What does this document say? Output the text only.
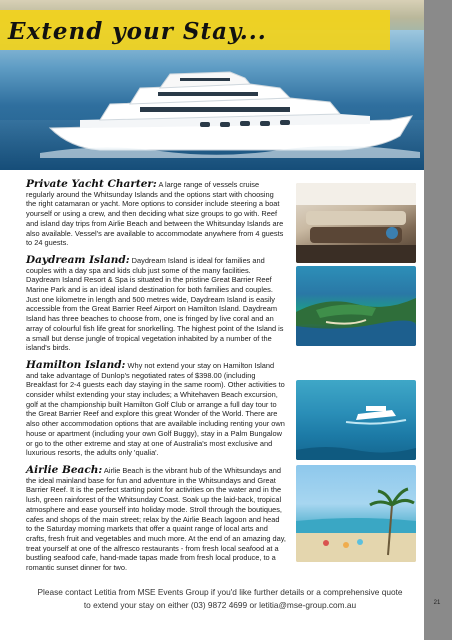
Extend your Stay...

Private Yacht Charter: A large range of vessels cruise regularly around the Whitsunday Islands and the options start with choosing the right catamaran or yacht. More options to consider include steering a boat yourself or using a crew, and then deciding what size groups to go with. Reef and island day trips from Airlie Beach and between the Whitsunday Islands are also available. Vessel's are available to accommodate anywhere from 4 guests to 24 guests.

Daydream Island: Daydream Island is ideal for families and couples with a day spa and kids club just some of the many facilities. Daydream Island Resort & Spa is situated in the pristine Great Barrier Reef Marine Park and is an ideal island destination for both families and couples. Just one kilometre in length and 500 metres wide, Daydream Island is easily accessible from the Great Barrier Reef Airport on Hamilton Island. Daydream Island has three beaches to choose from, one is fringed by live coral and an array of colourful fish life great for snorkelling. The highest point of the Island is a small but dense jungle of tropical vegetation inhabited by a number of the island's birds.

Hamilton Island: Why not extend your stay on Hamilton Island and take advantage of Dunlop's negotiated rates of $398.00 (including Breakfast for 2-4 guests each day staying in the same room). Other activities to consider whilst extending your stay includes; a Whitehaven Beach excursion, golf at the championship built Hamilton Golf Club or arrange a full day tour to the Great Barrier Reef and explore this great Wonder of the World. There are also other accommodation options that are available including renting your own house or apartment (including your own Golf Buggy), stay in a Palm Bungalow or go to the other extreme and stay at one of Australia's most exclusive and luxurious resorts, the adults only 'qualia'.

Airlie Beach: Airlie Beach is the vibrant hub of the Whitsundays and the ideal mainland base for fun and adventure in the Whitsundays and Great Barrier Reef. It is the perfect starting point for activities on the water and in the lush, green rainforest of the Whitsunday Coast. Soak up the laid-back, tropical atmosphere and ease yourself into holiday mode. Stroll through the boutiques, cafes and shops of the main street; relax by the Airlie Beach lagoon and head to the Saturday morning markets that offer a quaint range of local arts and crafts, fresh fruit and vegetables and much more. At the end of an amazing day, treat yourself at one of the alfresco restaurants - from fresh local seafood at a bustling seafood cafe, hand-made tapas made from fresh local produce, to a romantic sunset dinner for two.

Please contact Letitia from MSE Events Group if you'd like further details or a comprehensive quote
to extend your stay on either (03) 9872 4699 or letitia@mse-group.com.au	21
